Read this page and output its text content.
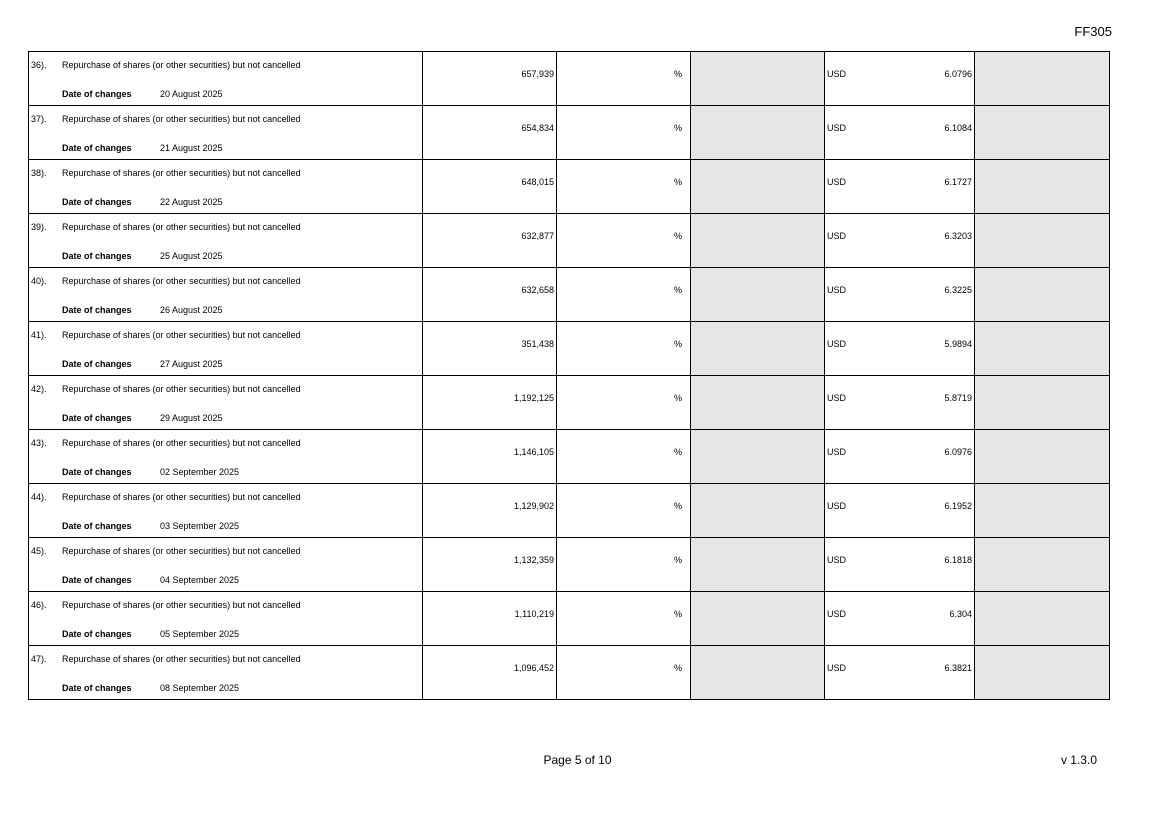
FF305
36). Repurchase of shares (or other securities) but not cancelled
Date of changes 20 August 2025	657,939	%		USD 6.0796	

37). Repurchase of shares (or other securities) but not cancelled
Date of changes 21 August 2025	654,834	%		USD 6.1084	

38). Repurchase of shares (or other securities) but not cancelled
Date of changes 22 August 2025	648,015	%		USD 6.1727	

39). Repurchase of shares (or other securities) but not cancelled
Date of changes 25 August 2025	632,877	%		USD 6.3203	

40). Repurchase of shares (or other securities) but not cancelled
Date of changes 26 August 2025	632,658	%		USD 6.3225	

41). Repurchase of shares (or other securities) but not cancelled
Date of changes 27 August 2025	351,438	%		USD 5.9894	

42). Repurchase of shares (or other securities) but not cancelled
Date of changes 29 August 2025	1,192,125	%		USD 5.8719	

43). Repurchase of shares (or other securities) but not cancelled
Date of changes 02 September 2025	1,146,105	%		USD 6.0976	

44). Repurchase of shares (or other securities) but not cancelled
Date of changes 03 September 2025	1,129,902	%		USD 6.1952	

45). Repurchase of shares (or other securities) but not cancelled
Date of changes 04 September 2025	1,132,359	%		USD 6.1818	

46). Repurchase of shares (or other securities) but not cancelled
Date of changes 05 September 2025	1,110,219	%		USD 6.304	

47). Repurchase of shares (or other securities) but not cancelled
Date of changes 08 September 2025	1,096,452	%		USD 6.3821	

Page 5 of 10	v 1.3.0
